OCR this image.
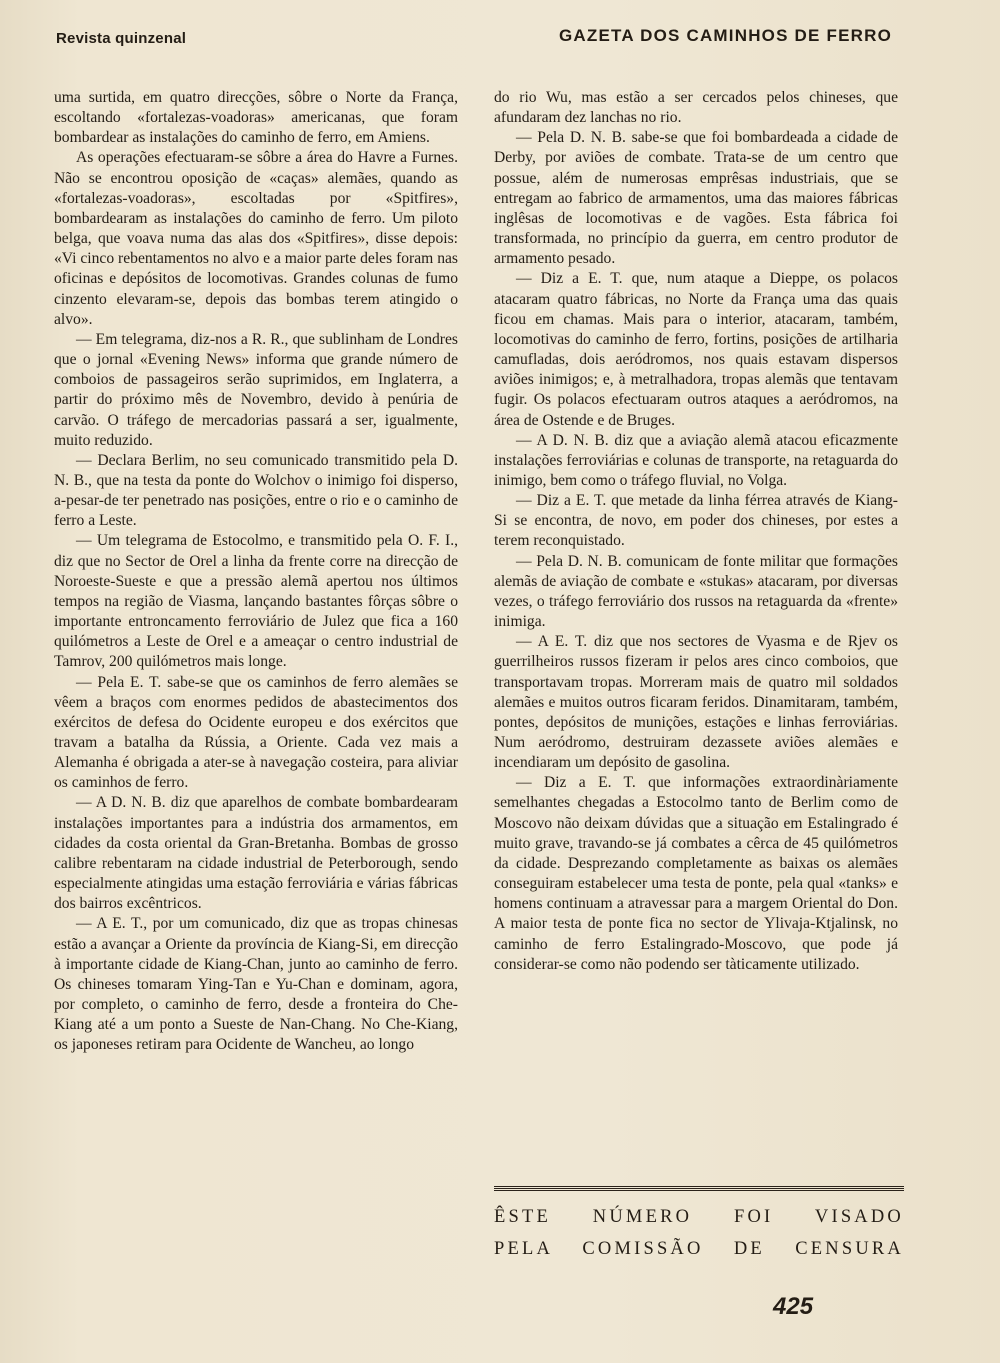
Revista quinzenal	GAZETA DOS CAMINHOS DE FERRO

uma surtida, em quatro direcções, sôbre o Norte da França, escoltando «fortalezas-voadoras» americanas, que foram bombardear as instalações do caminho de ferro, em Amiens.

As operações efectuaram-se sôbre a área do Havre a Furnes. Não se encontrou oposição de «caças» alemães, quando as «fortalezas-voadoras», escoltadas por «Spitfires», bombardearam as instalações do caminho de ferro. Um piloto belga, que voava numa das alas dos «Spitfires», disse depois: «Vi cinco rebentamentos no alvo e a maior parte deles foram nas oficinas e depósitos de locomotivas. Grandes colunas de fumo cinzento elevaram-se, depois das bombas terem atingido o alvo».

— Em telegrama, diz-nos a R. R., que sublinham de Londres que o jornal «Evening News» informa que grande número de comboios de passageiros serão suprimidos, em Inglaterra, a partir do próximo mês de Novembro, devido à penúria de carvão. O tráfego de mercadorias passará a ser, igualmente, muito reduzido.

— Declara Berlim, no seu comunicado transmitido pela D. N. B., que na testa da ponte do Wolchov o inimigo foi disperso, a-pesar-de ter penetrado nas posições, entre o rio e o caminho de ferro a Leste.

— Um telegrama de Estocolmo, e transmitido pela O. F. I., diz que no Sector de Orel a linha da frente corre na direcção de Noroeste-Sueste e que a pressão alemã apertou nos últimos tempos na região de Viasma, lançando bastantes fôrças sôbre o importante entroncamento ferroviário de Julez que fica a 160 quilómetros a Leste de Orel e a ameaçar o centro industrial de Tamrov, 200 quilómetros mais longe.

— Pela E. T. sabe-se que os caminhos de ferro alemães se vêem a braços com enormes pedidos de abastecimentos dos exércitos de defesa do Ocidente europeu e dos exércitos que travam a batalha da Rússia, a Oriente. Cada vez mais a Alemanha é obrigada a ater-se à navegação costeira, para aliviar os caminhos de ferro.

— A D. N. B. diz que aparelhos de combate bombardearam instalações importantes para a indústria dos armamentos, em cidades da costa oriental da Gran-Bretanha. Bombas de grosso calibre rebentaram na cidade industrial de Peterborough, sendo especialmente atingidas uma estação ferroviária e várias fábricas dos bairros excêntricos.

— A E. T., por um comunicado, diz que as tropas chinesas estão a avançar a Oriente da província de Kiang-Si, em direcção à importante cidade de Kiang-Chan, junto ao caminho de ferro. Os chineses tomaram Ying-Tan e Yu-Chan e dominam, agora, por completo, o caminho de ferro, desde a fronteira do Che-Kiang até a um ponto a Sueste de Nan-Chang. No Che-Kiang, os japoneses retiram para Ocidente de Wancheu, ao longo

do rio Wu, mas estão a ser cercados pelos chineses, que afundaram dez lanchas no rio.

— Pela D. N. B. sabe-se que foi bombardeada a cidade de Derby, por aviões de combate. Trata-se de um centro que possue, além de numerosas emprêsas industriais, que se entregam ao fabrico de armamentos, uma das maiores fábricas inglêsas de locomotivas e de vagões. Esta fábrica foi transformada, no princípio da guerra, em centro produtor de armamento pesado.

— Diz a E. T. que, num ataque a Dieppe, os polacos atacaram quatro fábricas, no Norte da França uma das quais ficou em chamas. Mais para o interior, atacaram, também, locomotivas do caminho de ferro, fortins, posições de artilharia camufladas, dois aeródromos, nos quais estavam dispersos aviões inimigos; e, à metralhadora, tropas alemãs que tentavam fugir. Os polacos efectuaram outros ataques a aeródromos, na área de Ostende e de Bruges.

— A D. N. B. diz que a aviação alemã atacou eficazmente instalações ferroviárias e colunas de transporte, na retaguarda do inimigo, bem como o tráfego fluvial, no Volga.

— Diz a E. T. que metade da linha férrea através de Kiang-Si se encontra, de novo, em poder dos chineses, por estes a terem reconquistado.

— Pela D. N. B. comunicam de fonte militar que formações alemãs de aviação de combate e «stukas» atacaram, por diversas vezes, o tráfego ferroviário dos russos na retaguarda da «frente» inimiga.

— A E. T. diz que nos sectores de Vyasma e de Rjev os guerrilheiros russos fizeram ir pelos ares cinco comboios, que transportavam tropas. Morreram mais de quatro mil soldados alemães e muitos outros ficaram feridos. Dinamitaram, também, pontes, depósitos de munições, estações e linhas ferroviárias. Num aeródromo, destruiram dezassete aviões alemães e incendiaram um depósito de gasolina.

— Diz a E. T. que informações extraordinàriamente semelhantes chegadas a Estocolmo tanto de Berlim como de Moscovo não deixam dúvidas que a situação em Estalingrado é muito grave, travando-se já combates a cêrca de 45 quilómetros da cidade. Desprezando completamente as baixas os alemães conseguiram estabelecer uma testa de ponte, pela qual «tanks» e homens continuam a atravessar para a margem Oriental do Don. A maior testa de ponte fica no sector de Ylivaja-Ktjalinsk, no caminho de ferro Estalingrado-Moscovo, que pode já considerar-se como não podendo ser tàticamente utilizado.

ÊSTE NÚMERO FOI VISADO
PELA COMISSÃO DE CENSURA
425
